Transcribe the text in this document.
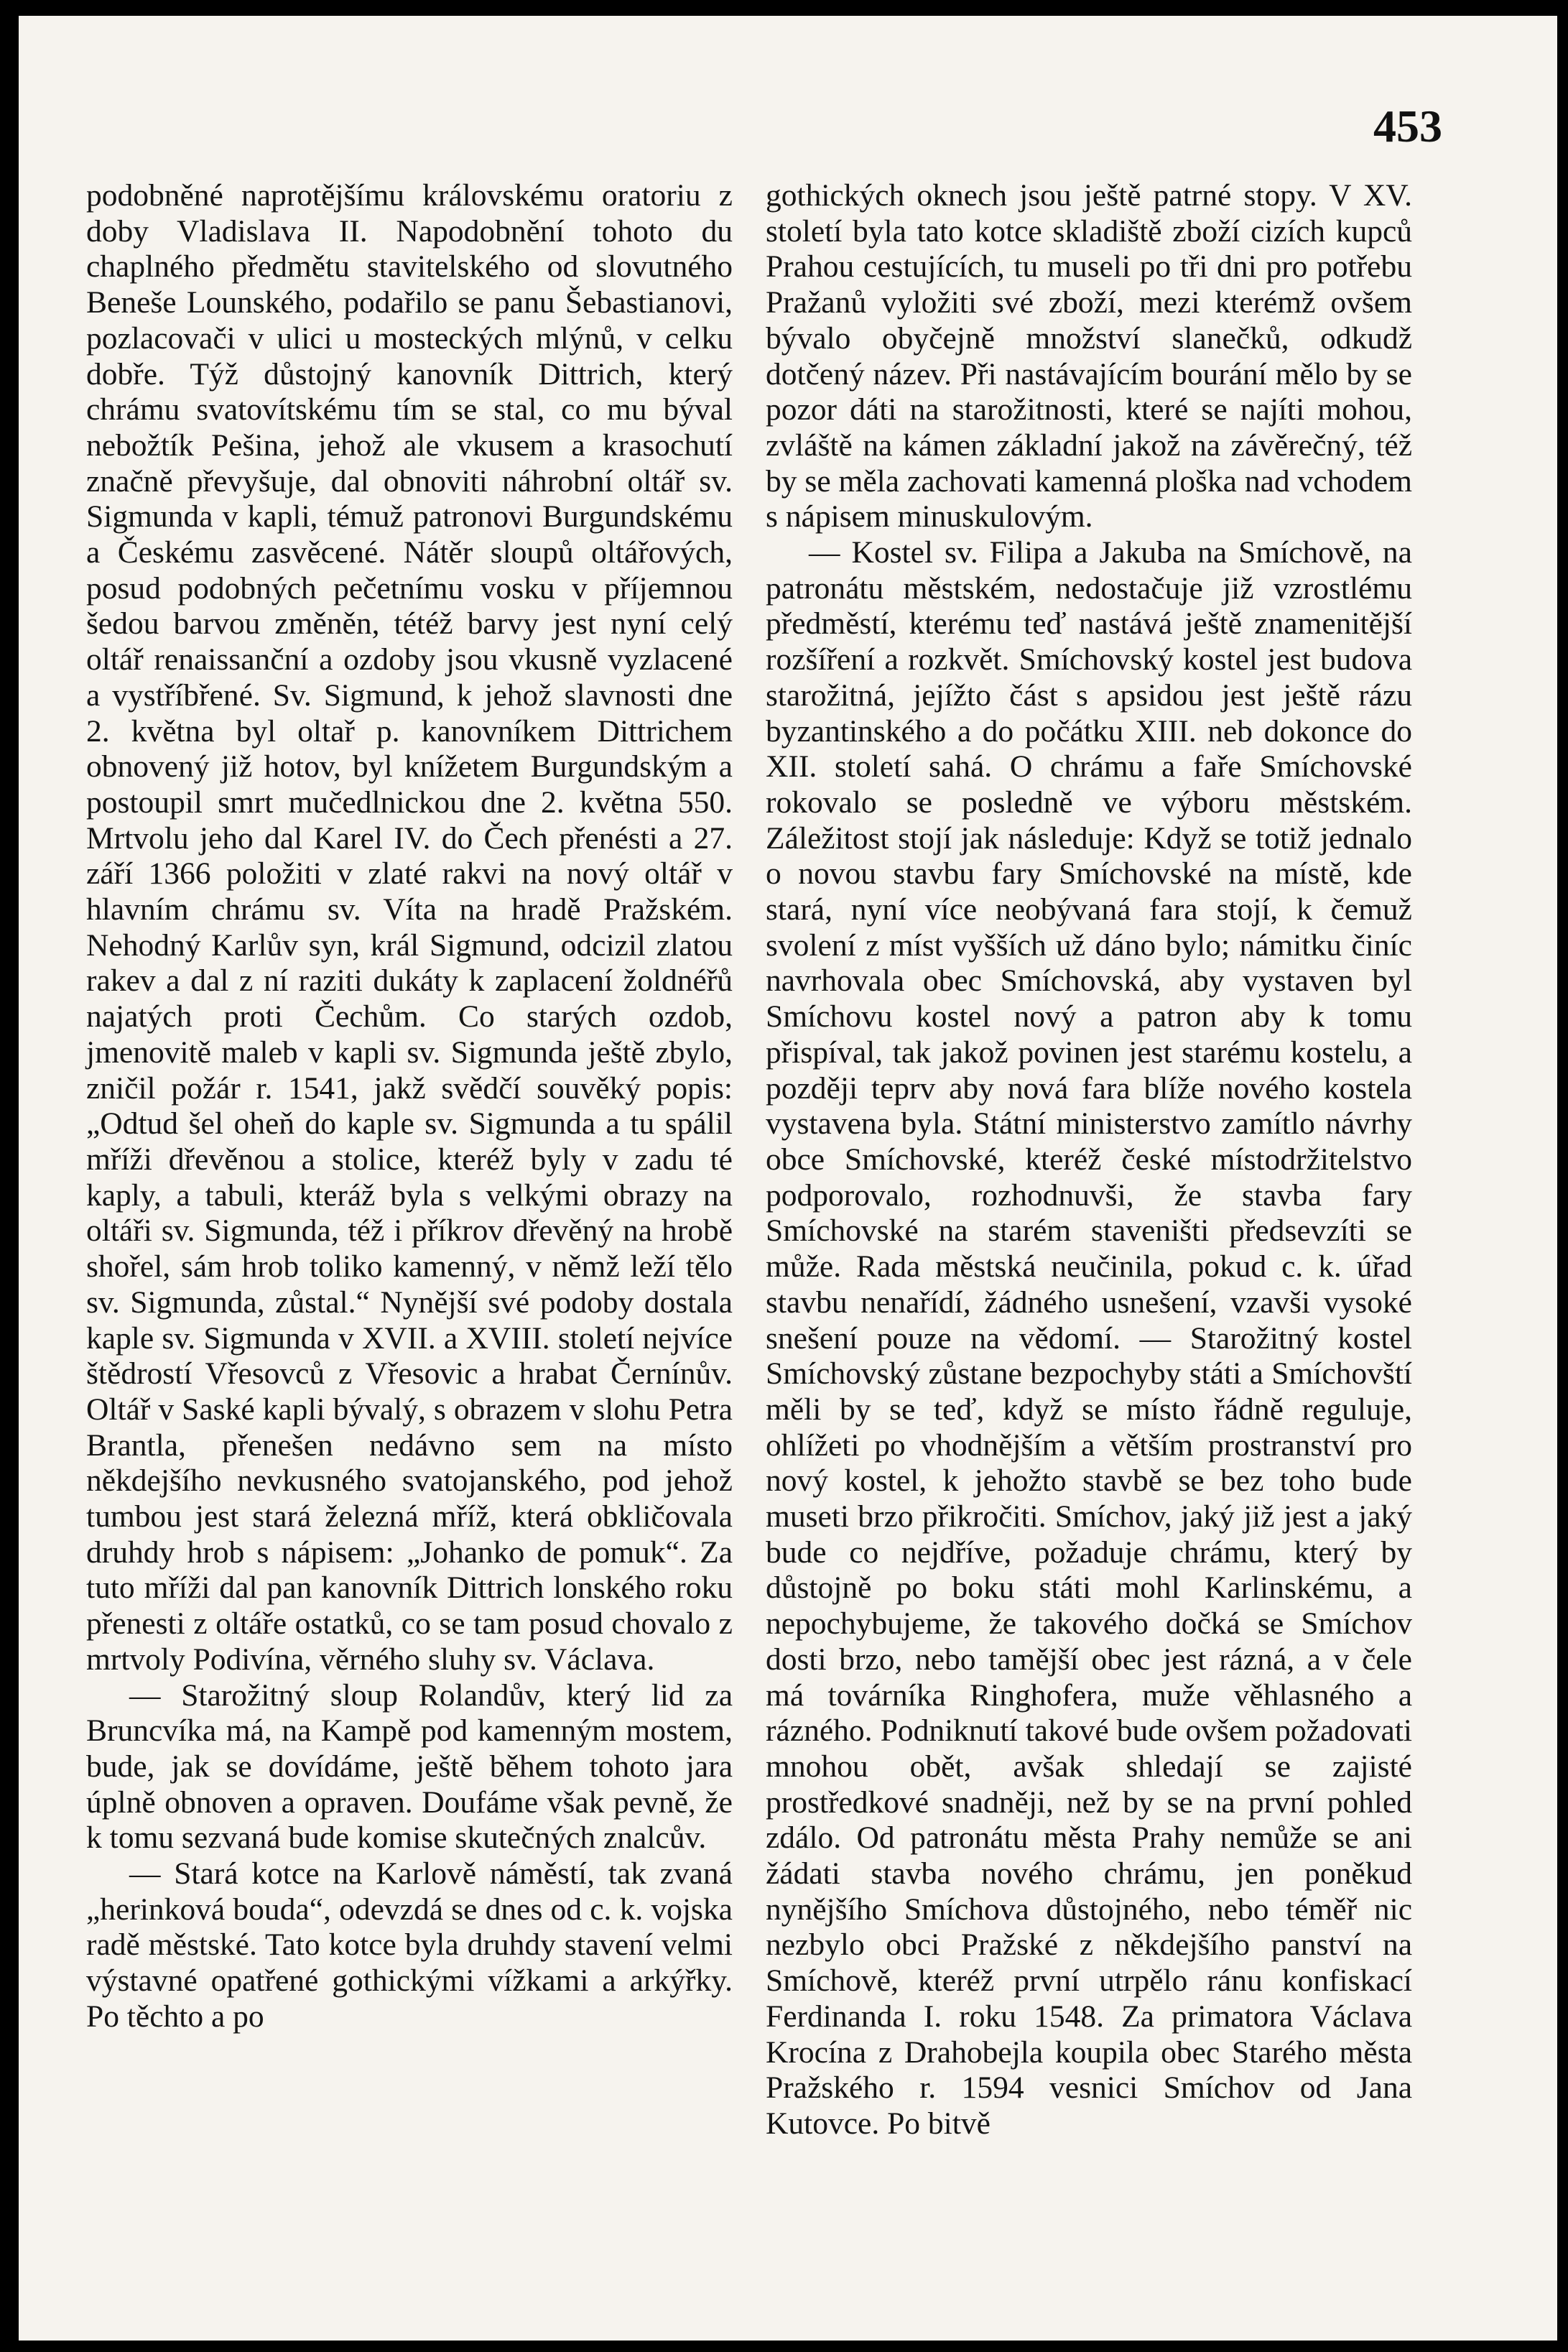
453

podobněné naprotějšímu královskému oratoriu z doby Vladislava II. Napodobnění tohoto du chaplného předmětu stavitelského od slovutného Beneše Lounského, podařilo se panu Šebastianovi, pozlacovači v ulici u mosteckých mlýnů, v celku dobře. Týž důstojný kanovník Dittrich, který chrámu svatovítskému tím se stal, co mu býval nebožtík Pešina, jehož ale vkusem a krasochutí značně převyšuje, dal obnoviti náhrobní oltář sv. Sigmunda v kapli, témuž patronovi Burgundskému a Českému zasvěcené. Nátěr sloupů oltářových, posud podobných pečetnímu vosku v příjemnou šedou barvou změněn, tétéž barvy jest nyní celý oltář renaissanční a ozdoby jsou vkusně vyzlacené a vystříbřené. Sv. Sigmund, k jehož slavnosti dne 2. května byl oltař p. kanovníkem Dittrichem obnovený již hotov, byl knížetem Burgundským a postoupil smrt mučedlnickou dne 2. května 550. Mrtvolu jeho dal Karel IV. do Čech přenésti a 27. září 1366 položiti v zlaté rakvi na nový oltář v hlavním chrámu sv. Víta na hradě Pražském. Nehodný Karlův syn, král Sigmund, odcizil zlatou rakev a dal z ní raziti dukáty k zaplacení žoldnéřů najatých proti Čechům. Co starých ozdob, jmenovitě maleb v kapli sv. Sigmunda ještě zbylo, zničil požár r. 1541, jakž svědčí souvěký popis: „Odtud šel oheň do kaple sv. Sigmunda a tu spálil mříži dřevěnou a stolice, kteréž byly v zadu té kaply, a tabuli, kteráž byla s velkými obrazy na oltáři sv. Sigmunda, též i příkrov dřevěný na hrobě shořel, sám hrob toliko kamenný, v němž leží tělo sv. Sigmunda, zůstal.“ Nynější své podoby dostala kaple sv. Sigmunda v XVII. a XVIII. století nejvíce štědrostí Vřesovců z Vřesovic a hrabat Černínův. Oltář v Saské kapli bývalý, s obrazem v slohu Petra Brantla, přenešen nedávno sem na místo někdejšího nevkusného svatojanského, pod jehož tumbou jest stará železná mříž, která obkličovala druhdy hrob s nápisem: „Johanko de pomuk“. Za tuto mříži dal pan kanovník Dittrich lonského roku přenesti z oltáře ostatků, co se tam posud chovalo z mrtvoly Podivína, věrného sluhy sv. Václava.

— Starožitný sloup Rolandův, který lid za Bruncvíka má, na Kampě pod kamenným mostem, bude, jak se dovídáme, ještě během tohoto jara úplně obnoven a opraven. Doufáme však pevně, že k tomu sezvaná bude komise skutečných znalcův.

— Stará kotce na Karlově náměstí, tak zvaná „herinková bouda“, odevzdá se dnes od c. k. vojska radě městské. Tato kotce byla druhdy stavení velmi výstavné opatřené gothickými vížkami a arkýřky. Po těchto a po

gothických oknech jsou ještě patrné stopy. V XV. století byla tato kotce skladiště zboží cizích kupců Prahou cestujících, tu museli po tři dni pro potřebu Pražanů vyložiti své zboží, mezi kterémž ovšem bývalo obyčejně množství slanečků, odkudž dotčený název. Při nastávajícím bourání mělo by se pozor dáti na starožitnosti, které se najíti mohou, zvláště na kámen základní jakož na závěrečný, též by se měla zachovati kamenná ploška nad vchodem s nápisem minuskulovým.

— Kostel sv. Filipa a Jakuba na Smíchově, na patronátu městském, nedostačuje již vzrostlému předměstí, kterému teď nastává ještě znamenitější rozšíření a rozkvět. Smíchovský kostel jest budova starožitná, jejížto část s apsidou jest ještě rázu byzantinského a do počátku XIII. neb dokonce do XII. století sahá. O chrámu a faře Smíchovské rokovalo se posledně ve výboru městském. Záležitost stojí jak následuje: Když se totiž jednalo o novou stavbu fary Smíchovské na místě, kde stará, nyní více neobývaná fara stojí, k čemuž svolení z míst vyšších už dáno bylo; námitku činíc navrhovala obec Smíchovská, aby vystaven byl Smíchovu kostel nový a patron aby k tomu přispíval, tak jakož povinen jest starému kostelu, a později teprv aby nová fara blíže nového kostela vystavena byla. Státní ministerstvo zamítlo návrhy obce Smíchovské, kteréž české místodržitelstvo podporovalo, rozhodnuvši, že stavba fary Smíchovské na starém staveništi předsevzíti se může. Rada městská neučinila, pokud c. k. úřad stavbu nenařídí, žádného usnešení, vzavši vysoké snešení pouze na vědomí. — Starožitný kostel Smíchovský zůstane bezpochyby státi a Smíchovští měli by se teď, když se místo řádně reguluje, ohlížeti po vhodnějším a větším prostranství pro nový kostel, k jehožto stavbě se bez toho bude museti brzo přikročiti. Smíchov, jaký již jest a jaký bude co nejdříve, požaduje chrámu, který by důstojně po boku státi mohl Karlinskému, a nepochybujeme, že takového dočká se Smíchov dosti brzo, nebo tamější obec jest rázná, a v čele má továrníka Ringhofera, muže věhlasného a rázného. Podniknutí takové bude ovšem požadovati mnohou obět, avšak shledají se zajisté prostředkové snadněji, než by se na první pohled zdálo. Od patronátu města Prahy nemůže se ani žádati stavba nového chrámu, jen poněkud nynějšího Smíchova důstojného, nebo téměř nic nezbylo obci Pražské z někdejšího panství na Smíchově, kteréž první utrpělo ránu konfiskací Ferdinanda I. roku 1548. Za primatora Václava Krocína z Drahobejla koupila obec Starého města Pražského r. 1594 vesnici Smíchov od Jana Kutovce. Po bitvě
